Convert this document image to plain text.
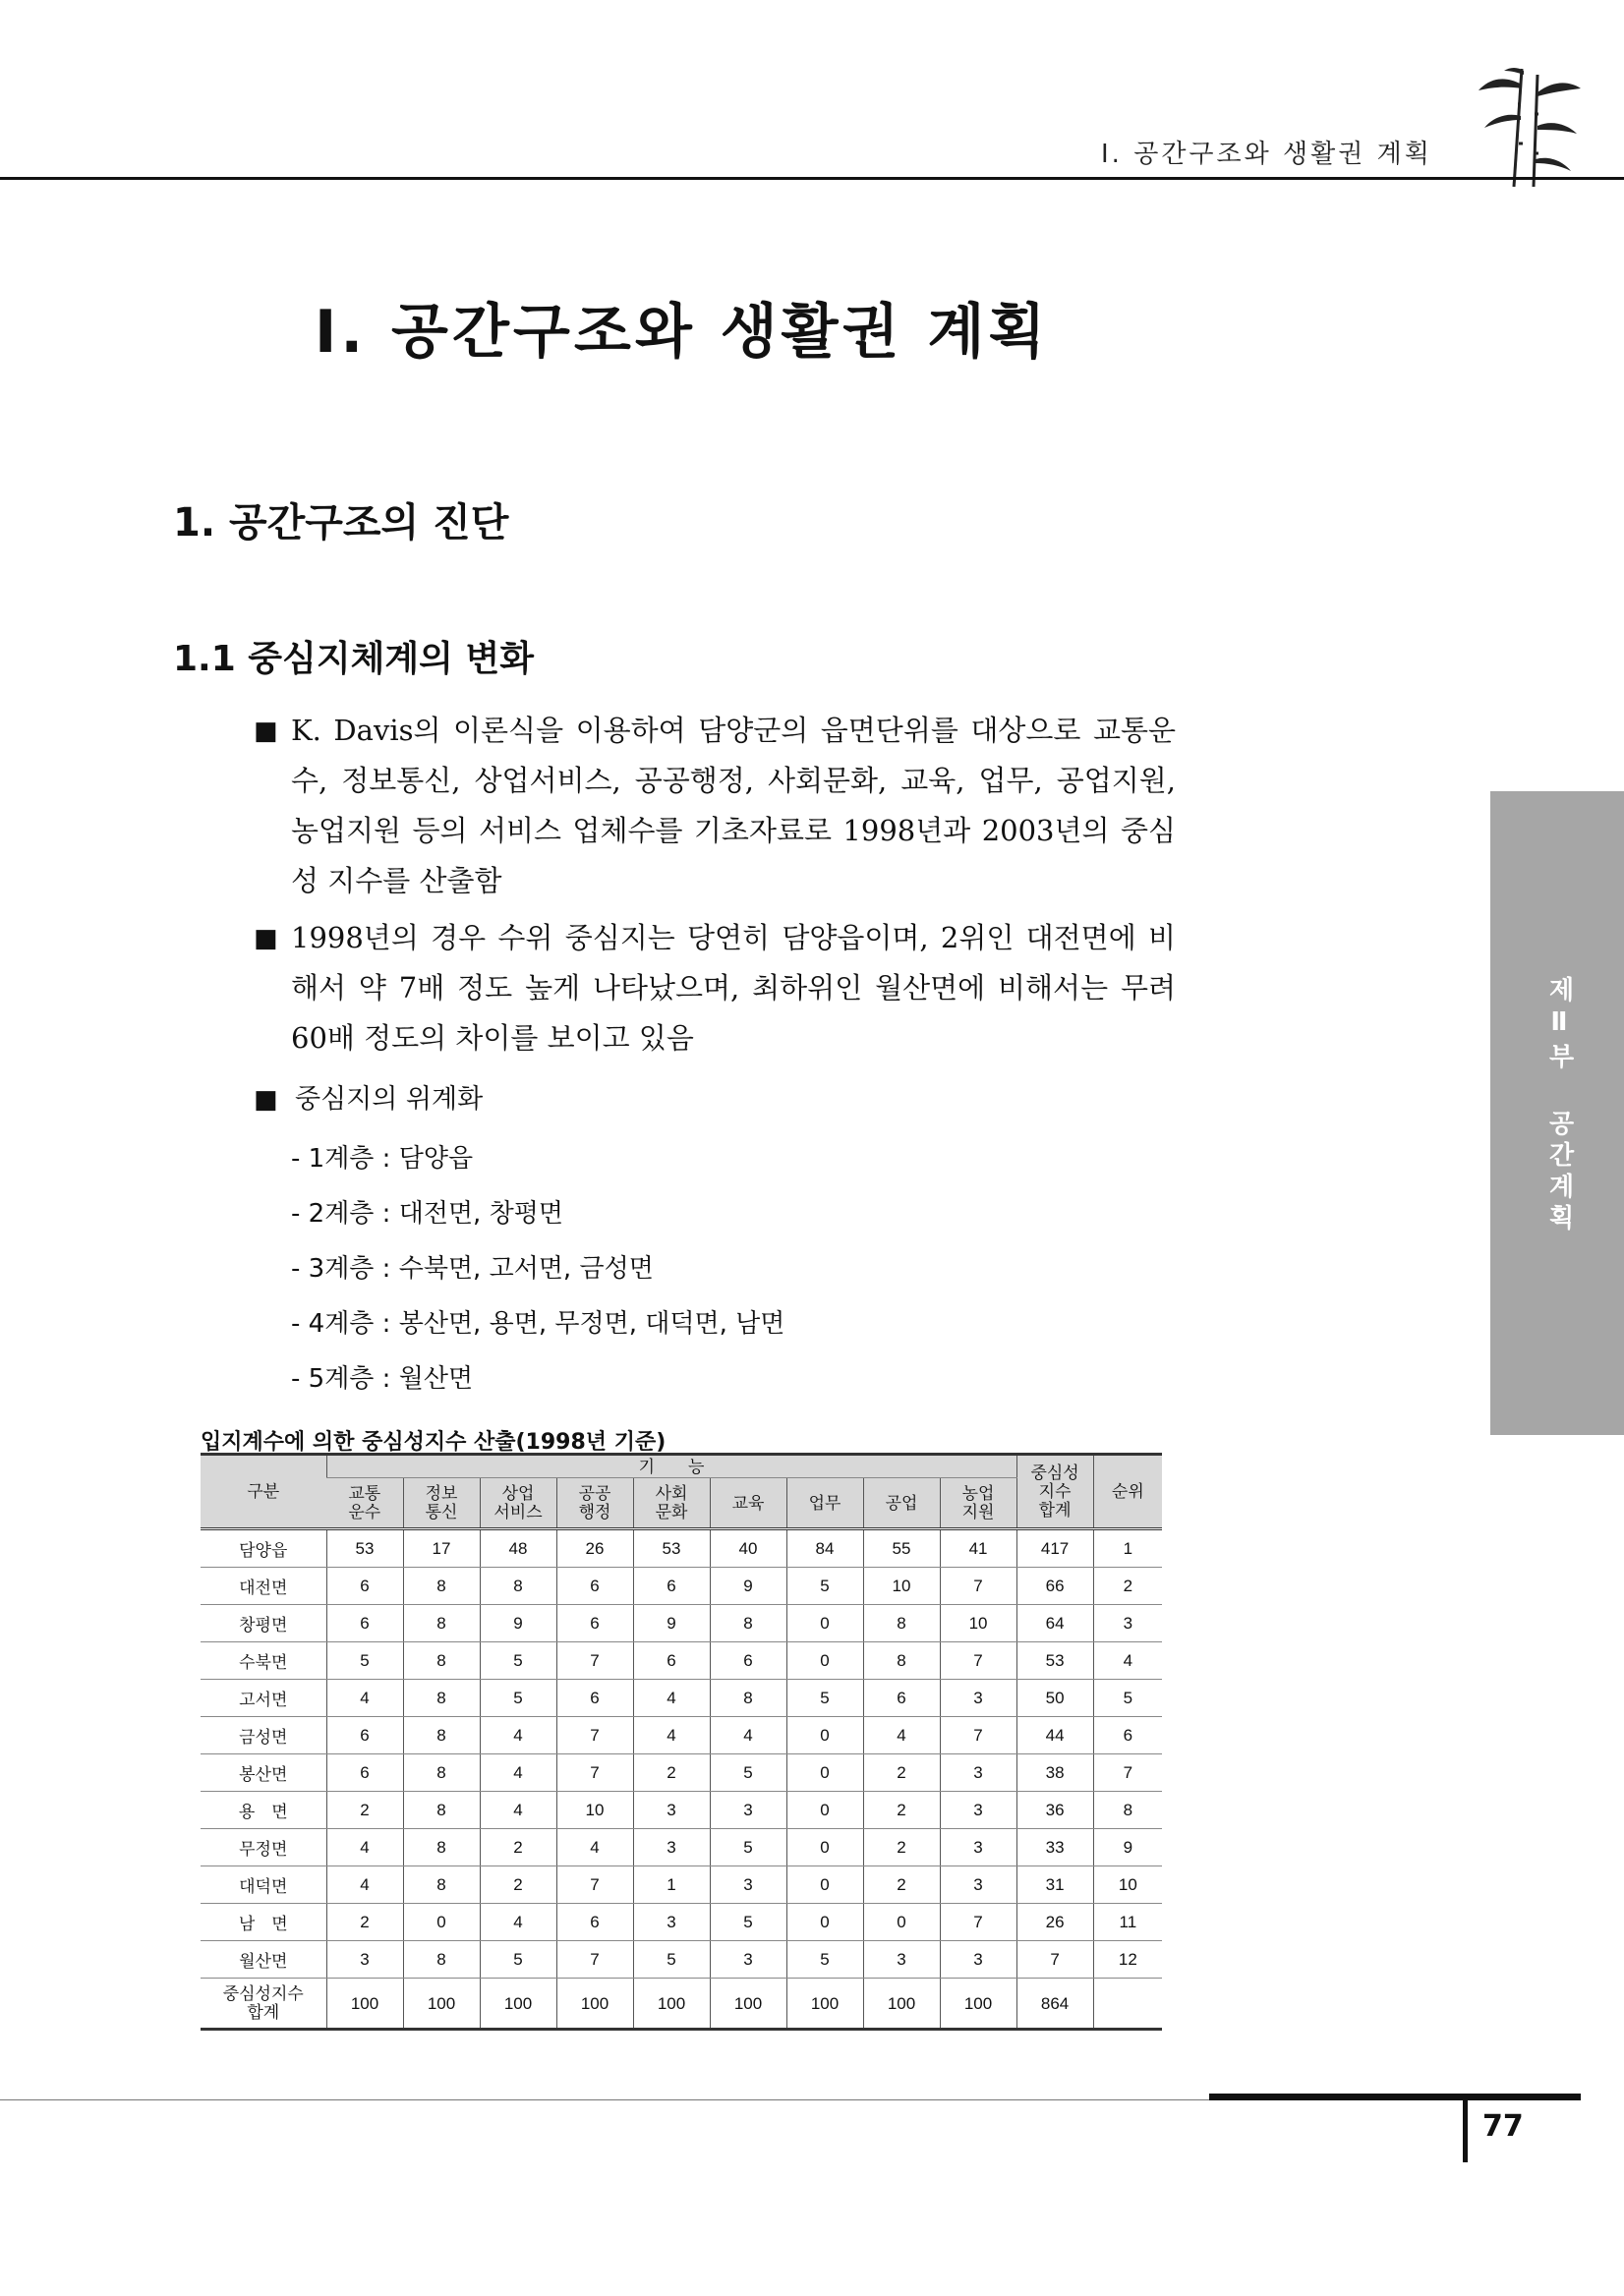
Ⅰ. 공간구조와 생활권 계획
Ⅰ. 공간구조와 생활권 계획
1. 공간구조의 진단
1.1 중심지체계의 변화
■ K. Davis의 이론식을 이용하여 담양군의 읍면단위를 대상으로 교통운수, 정보통신, 상업서비스, 공공행정, 사회문화, 교육, 업무, 공업지원, 농업지원 등의 서비스 업체수를 기초자료로 1998년과 2003년의 중심성 지수를 산출함
■ 1998년의 경우 수위 중심지는 당연히 담양읍이며, 2위인 대전면에 비해서 약 7배 정도 높게 나타났으며, 최하위인 월산면에 비해서는 무려 60배 정도의 차이를 보이고 있음
■ 중심지의 위계화
- 1계층 : 담양읍
- 2계층 : 대전면, 창평면
- 3계층 : 수북면, 고서면, 금성면
- 4계층 : 봉산면, 용면, 무정면, 대덕면, 남면
- 5계층 : 월산면
제Ⅱ부 공간계획
입지계수에 의한 중심성지수 산출(1998년 기준)
구분	기　　능									중심성
지수
합계	순위
	교통
운수	정보
통신	상업
서비스	공공
행정	사회
문화	교육	업무	공업	농업
지원		
담양읍	53	17	48	26	53	40	84	55	41	417	1
대전면	6	8	8	6	6	9	5	10	7	66	2
창평면	6	8	9	6	9	8	0	8	10	64	3
수북면	5	8	5	7	6	6	0	8	7	53	4
고서면	4	8	5	6	4	8	5	6	3	50	5
금성면	6	8	4	7	4	4	0	4	7	44	6
봉산면	6	8	4	7	2	5	0	2	3	38	7
용　면	2	8	4	10	3	3	0	2	3	36	8
무정면	4	8	2	4	3	5	0	2	3	33	9
대덕면	4	8	2	7	1	3	0	2	3	31	10
남　면	2	0	4	6	3	5	0	0	7	26	11
월산면	3	8	5	7	5	3	5	3	3	7	12
중심성지수
합계	100	100	100	100	100	100	100	100	100	864	
77
